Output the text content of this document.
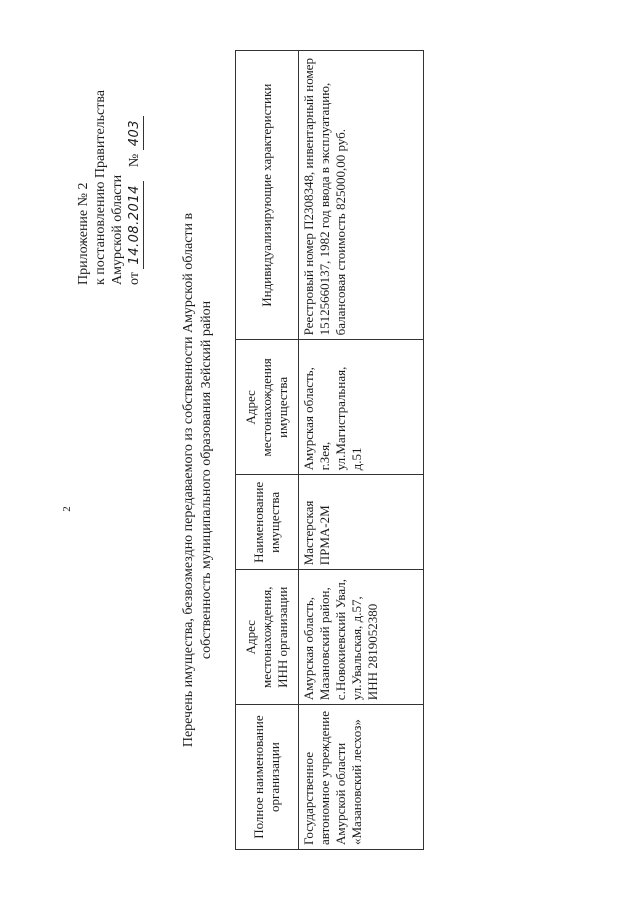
2
Приложение № 2 к постановлению Правительства Амурской области от 14.08.2014    № 403
Перечень имущества, безвозмездно передаваемого из собственности Амурской области в собственность муниципального образования Зейский район
Полное наименование организации	Адрес местонахождения, ИНН организации	Наименование имущества	Адрес местонахождения имущества	Индивидуализирующие характеристики
Государственное автономное учреждение Амурской области «Мазановский лесхоз»	Амурская область, Мазановский район, с.Новокиевский Увал, ул.Увальская, д.57, ИНН 2819052380	Мастерская ПРМА-2М	Амурская область, г.Зея, ул.Магистральная, д.51	Реестровый номер П2308348, инвентарный номер 15125660137, 1982 год ввода в эксплуатацию, балансовая стоимость 825000,00 руб.
